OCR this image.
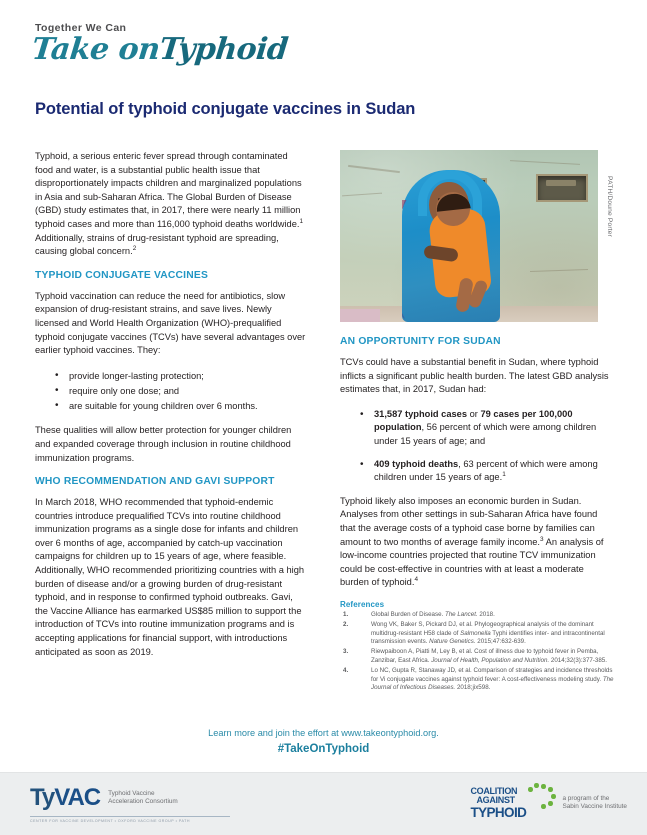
Together We Can
Take onTyphoid
Potential of typhoid conjugate vaccines in Sudan

Typhoid, a serious enteric fever spread through contaminated food and water, is a substantial public health issue that disproportionately impacts children and marginalized populations in Asia and sub-Saharan Africa. The Global Burden of Disease (GBD) study estimates that, in 2017, there were nearly 11 million typhoid cases and more than 116,000 typhoid deaths worldwide.$^1$ Additionally, strains of drug-resistant typhoid are spreading, causing global concern.$^2$

TYPHOID CONJUGATE VACCINES

Typhoid vaccination can reduce the need for antibiotics, slow expansion of drug-resistant strains, and save lives. Newly licensed and World Health Organization (WHO)-prequalified typhoid conjugate vaccines (TCVs) have several advantages over earlier typhoid vaccines. They:

• provide longer-lasting protection;
• require only one dose; and
• are suitable for young children over 6 months.

These qualities will allow better protection for younger children and expanded coverage through inclusion in routine childhood immunization programs.

WHO RECOMMENDATION AND GAVI SUPPORT

In March 2018, WHO recommended that typhoid-endemic countries introduce prequalified TCVs into routine childhood immunization programs as a single dose for infants and children over 6 months of age, accompanied by catch-up vaccination campaigns for children up to 15 years of age, where feasible. Additionally, WHO recommended prioritizing countries with a high burden of disease and/or a growing burden of drug-resistant typhoid, and in response to confirmed typhoid outbreaks. Gavi, the Vaccine Alliance has earmarked US$85 million to support the introduction of TCVs into routine immunization programs and is accepting applications for financial support, with introductions anticipated as soon as 2019.

PATH/Doune Porter
AN OPPORTUNITY FOR SUDAN

TCVs could have a substantial benefit in Sudan, where typhoid inflicts a significant public health burden. The latest GBD analysis estimates that, in 2017, Sudan had:

• 31,587 typhoid cases or 79 cases per 100,000 population, 56 percent of which were among children under 15 years of age; and
• 409 typhoid deaths, 63 percent of which were among children under 15 years of age.$^1$

Typhoid likely also imposes an economic burden in Sudan. Analyses from other settings in sub-Saharan Africa have found that the average costs of a typhoid case borne by families can amount to two months of average family income.$^3$ An analysis of low-income countries projected that routine TCV immunization could be cost-effective in countries with at least a moderate burden of typhoid.$^4$

References
Global Burden of Disease. The Lancet. 2018.
Wong VK, Baker S, Pickard DJ, et al. Phylogeographical analysis of the dominant multidrug-resistant H58 clade of Salmonella Typhi identifies inter- and intracontinental transmission events. Nature Genetics. 2015;47:632-639.
Riewpaiboon A, Piatti M, Ley B, et al. Cost of illness due to typhoid fever in Pemba, Zanzibar, East Africa. Journal of Health, Population and Nutrition. 2014;32(3):377-385.
Lo NC, Gupta R, Stanaway JD, et al. Comparison of strategies and incidence thresholds for Vi conjugate vaccines against typhoid fever: A cost-effectiveness modeling study. The Journal of Infectious Diseases. 2018;jix598.
Learn more and join the effort at www.takeontyphoid.org.
#TakeOnTyphoid
TyVAC Typhoid Vaccine
Acceleration Consortium
CENTER FOR VACCINE DEVELOPMENT • OXFORD VACCINE GROUP • PATH
COALITION
AGAINST
TYPHOID
a program of the
Sabin Vaccine Institute
